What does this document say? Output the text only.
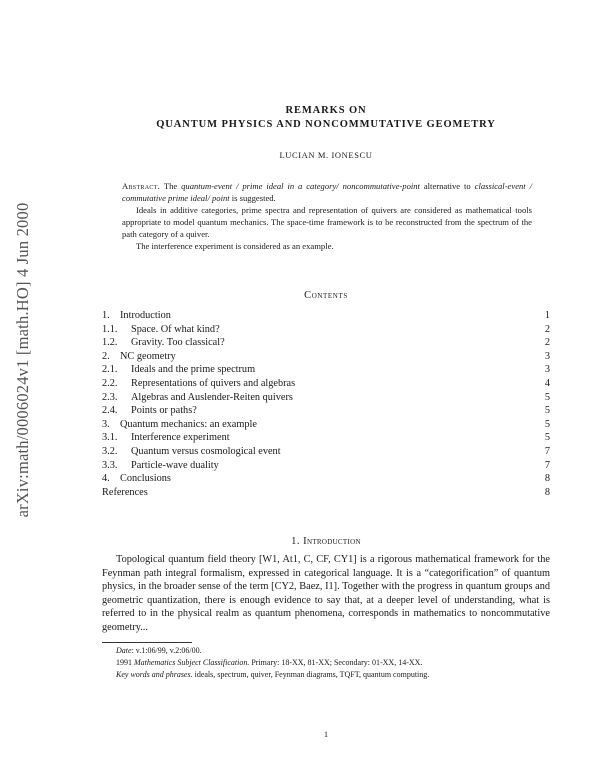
arXiv:math/0006024v1 [math.HO] 4 Jun 2000
REMARKS ON
QUANTUM PHYSICS AND NONCOMMUTATIVE GEOMETRY
LUCIAN M. IONESCU

Abstract. The quantum-event / prime ideal in a category/ noncommutative-point alternative to classical-event / commutative prime ideal/ point is suggested.

Ideals in additive categories, prime spectra and representation of quivers are considered as mathematical tools appropriate to model quantum mechanics. The space-time framework is to be reconstructed from the spectrum of the path category of a quiver.

The interference experiment is considered as an example.

Contents
1. Introduction	1
1.1. Space. Of what kind?	2
1.2. Gravity. Too classical?	2
2. NC geometry	3
2.1. Ideals and the prime spectrum	3
2.2. Representations of quivers and algebras	4
2.3. Algebras and Auslender-Reiten quivers	5
2.4. Points or paths?	5
3. Quantum mechanics: an example	5
3.1. Interference experiment	5
3.2. Quantum versus cosmological event	7
3.3. Particle-wave duality	7
4. Conclusions	8
References	8
1. Introduction

Topological quantum field theory [W1, At1, C, CF, CY1] is a rigorous mathematical framework for the Feynman path integral formalism, expressed in categorical language. It is a “categorification” of quantum physics, in the broader sense of the term [CY2, Baez, I1]. Together with the progress in quantum groups and geometric quantization, there is enough evidence to say that, at a deeper level of understanding, what is referred to in the physical realm as quantum phenomena, corresponds in mathematics to noncommutative geometry...

Date: v.1:06/99, v.2:06/00.
1991 Mathematics Subject Classification. Primary: 18-XX, 81-XX; Secondary: 01-XX, 14-XX.
Key words and phrases. ideals, spectrum, quiver, Feynman diagrams, TQFT, quantum computing.
1
